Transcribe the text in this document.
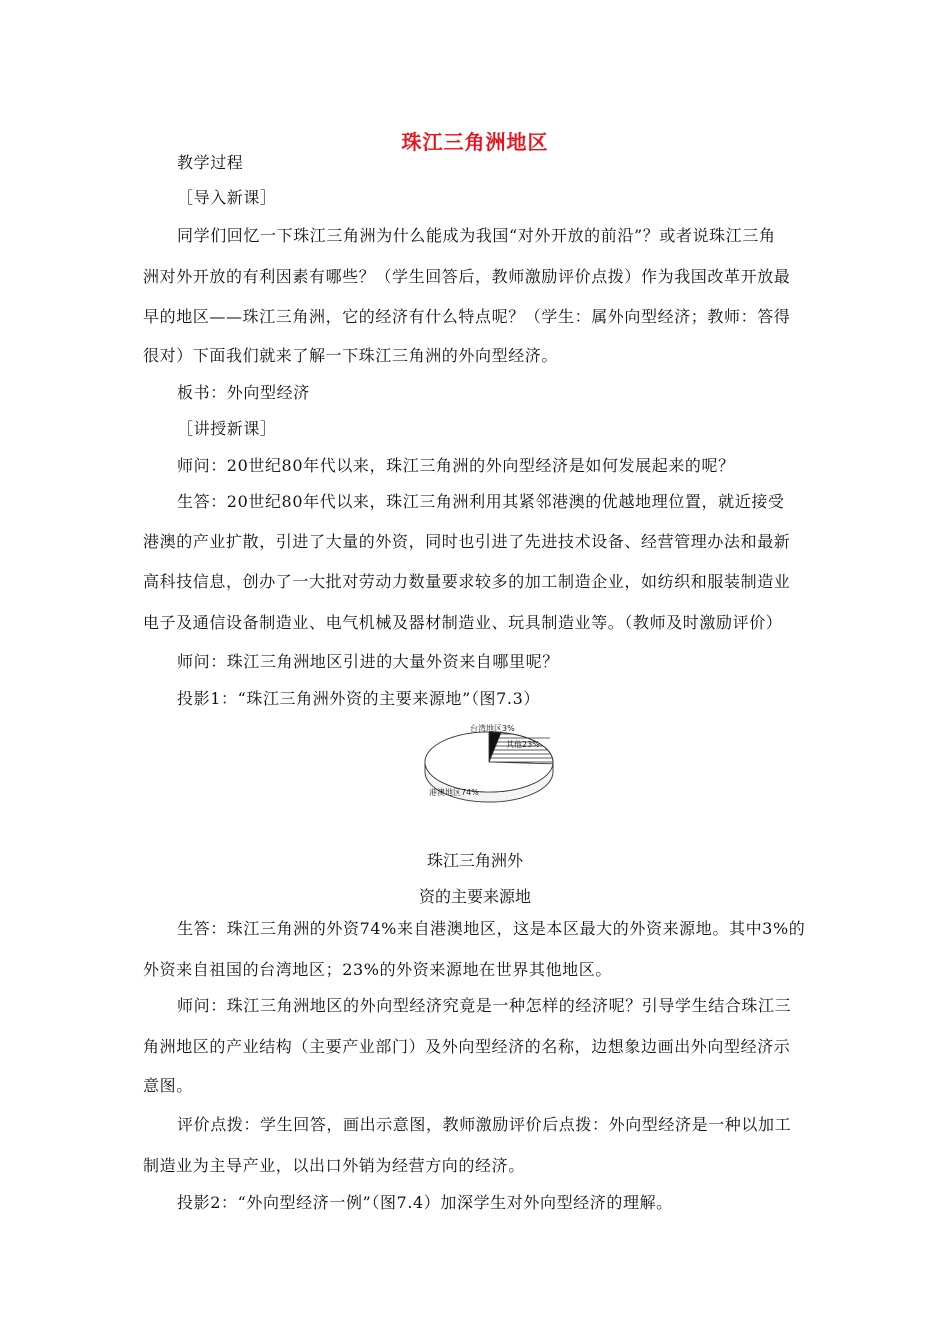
珠江三角洲地区
教学过程
［导入新课］
同学们回忆一下珠江三角洲为什么能成为我国“对外开放的前沿”？或者说珠江三角
洲对外开放的有利因素有哪些？（学生回答后，教师激励评价点拨）作为我国改革开放最
早的地区——珠江三角洲，它的经济有什么特点呢？（学生：属外向型经济；教师：答得
很对）下面我们就来了解一下珠江三角洲的外向型经济。
板书：外向型经济
［讲授新课］
师问：20世纪80年代以来，珠江三角洲的外向型经济是如何发展起来的呢？
生答：20世纪80年代以来，珠江三角洲利用其紧邻港澳的优越地理位置，就近接受
港澳的产业扩散，引进了大量的外资，同时也引进了先进技术设备、经营管理办法和最新
高科技信息，创办了一大批对劳动力数量要求较多的加工制造企业，如纺织和服装制造业
电子及通信设备制造业、电气机械及器材制造业、玩具制造业等。（教师及时激励评价）
师问：珠江三角洲地区引进的大量外资来自哪里呢？
投影1：“珠江三角洲外资的主要来源地”（图7.3）
台湾地区3%
其他23%
港澳地区74%
珠江三角洲外
资的主要来源地
生答：珠江三角洲的外资74%来自港澳地区，这是本区最大的外资来源地。其中3%的
外资来自祖国的台湾地区；23%的外资来源地在世界其他地区。
师问：珠江三角洲地区的外向型经济究竟是一种怎样的经济呢？引导学生结合珠江三
角洲地区的产业结构（主要产业部门）及外向型经济的名称，边想象边画出外向型经济示
意图。
评价点拨：学生回答，画出示意图，教师激励评价后点拨：外向型经济是一种以加工
制造业为主导产业，以出口外销为经营方向的经济。
投影2：“外向型经济一例”（图7.4）加深学生对外向型经济的理解。
